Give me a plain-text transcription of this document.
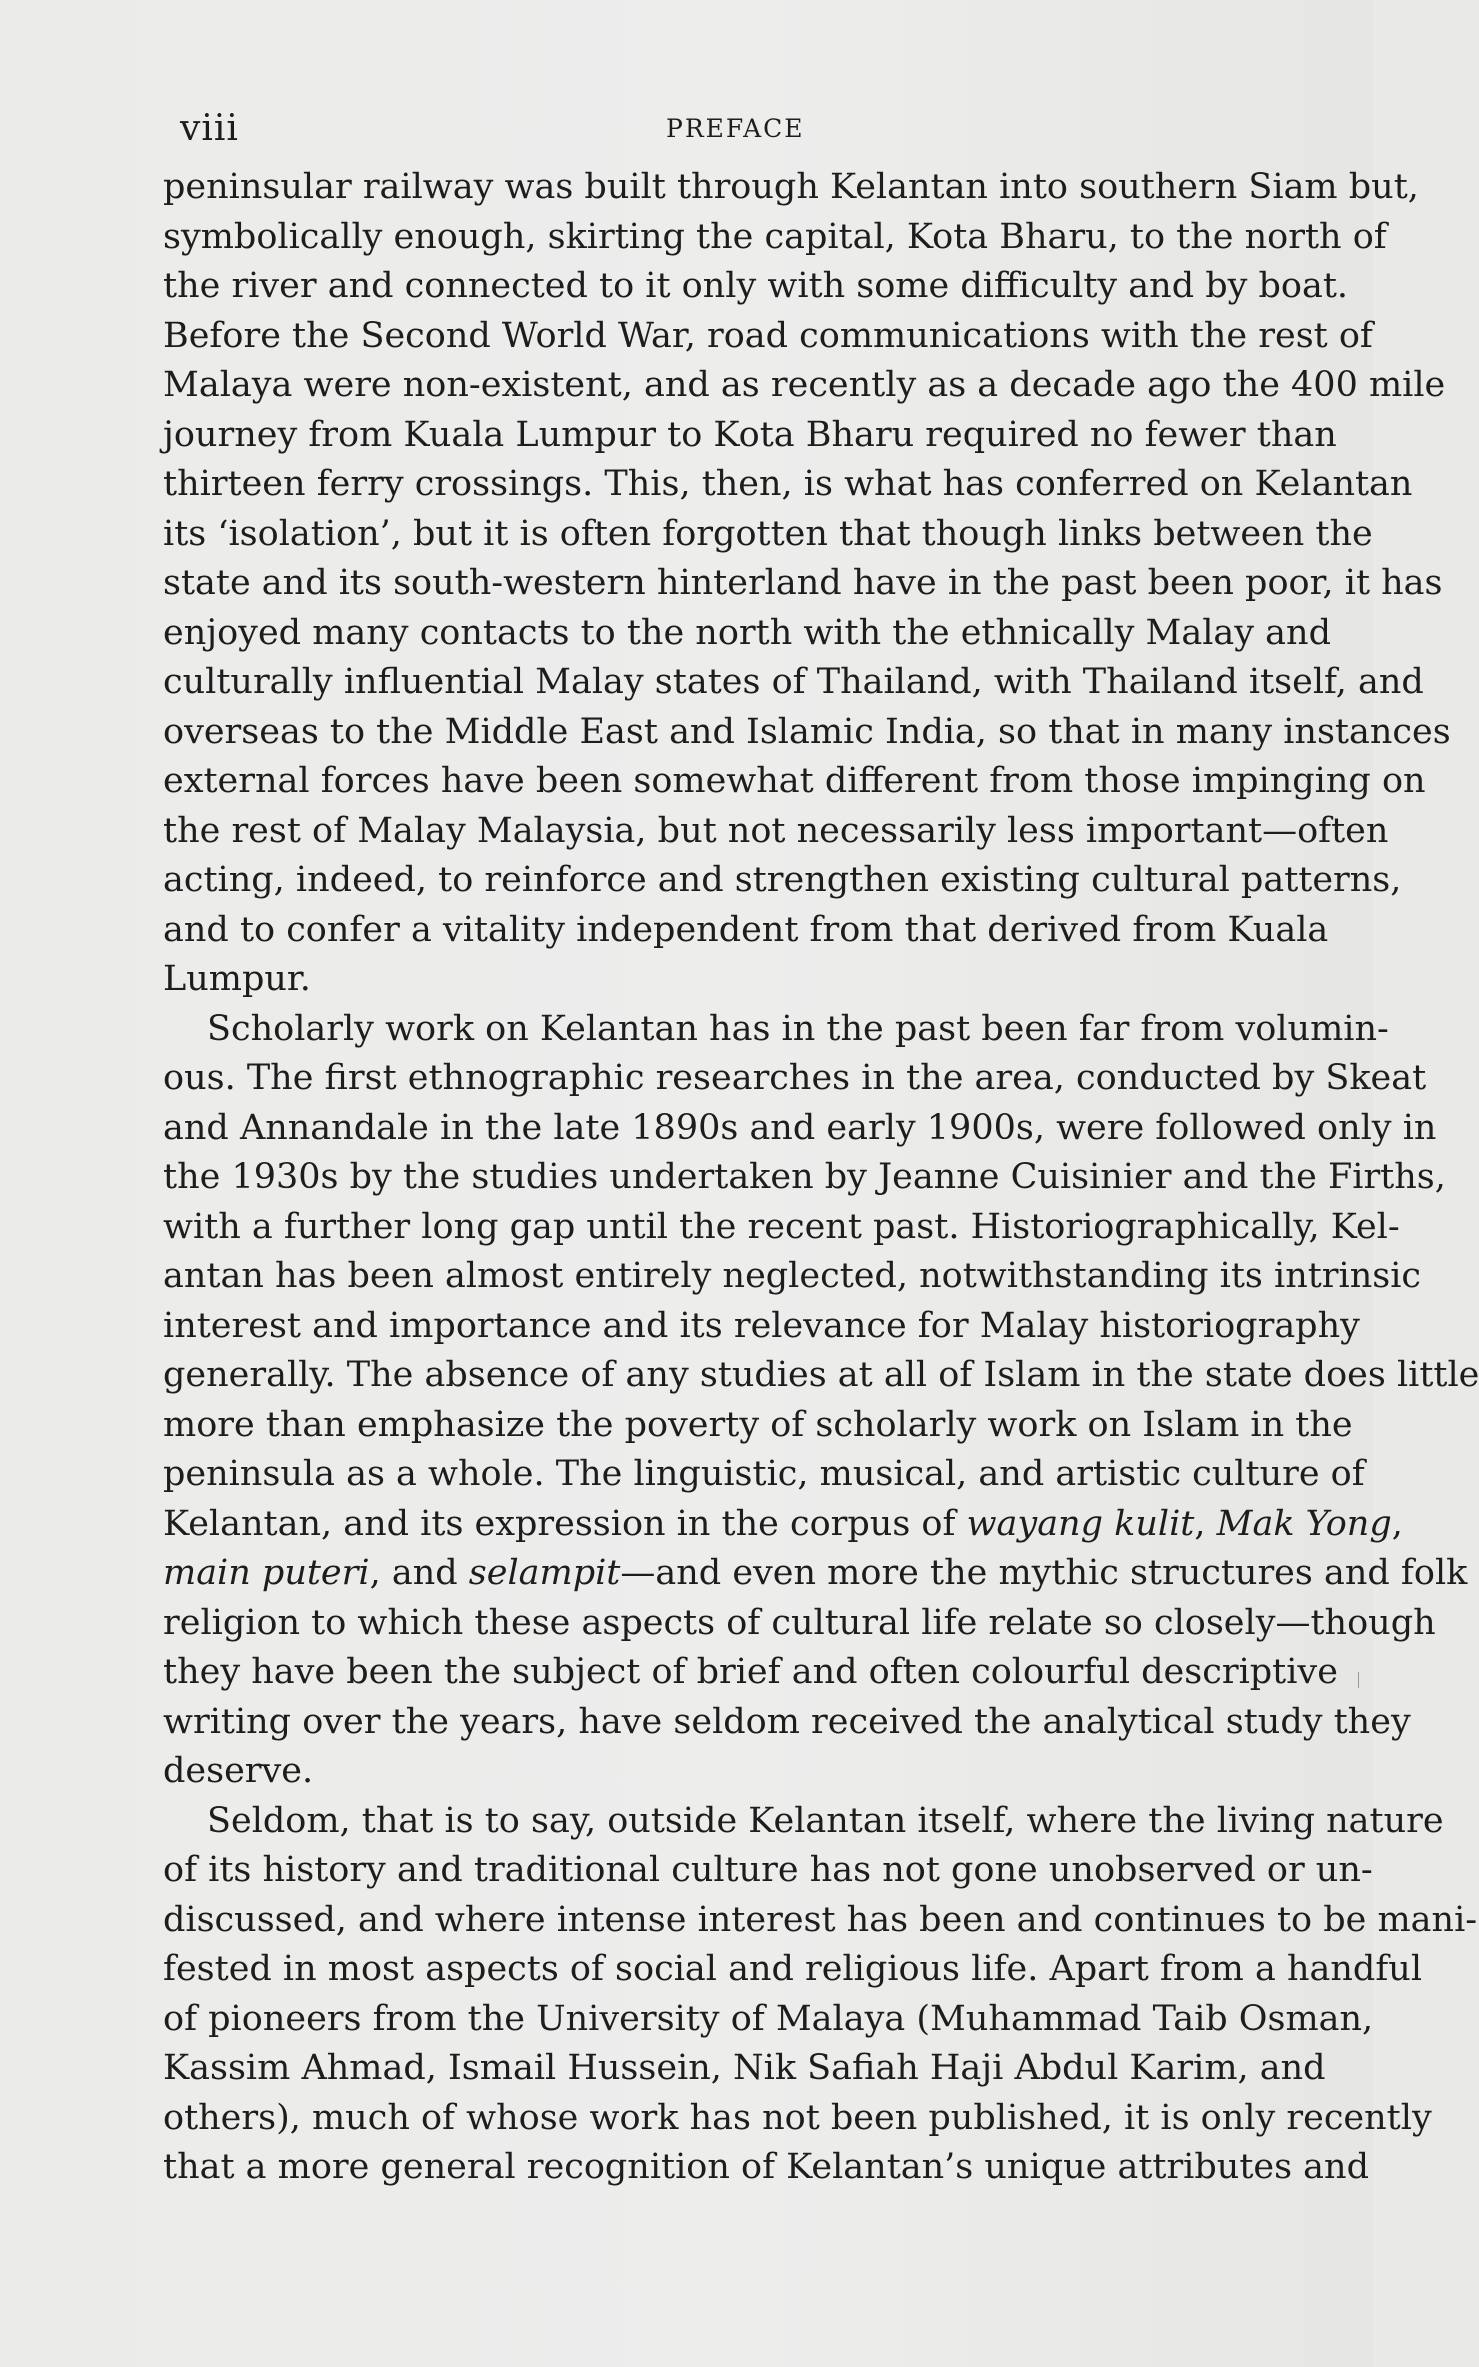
viii	PREFACE
peninsular railway was built through Kelantan into southern Siam but,
symbolically enough, skirting the capital, Kota Bharu, to the north of
the river and connected to it only with some difficulty and by boat.
Before the Second World War, road communications with the rest of
Malaya were non-existent, and as recently as a decade ago the 400 mile
journey from Kuala Lumpur to Kota Bharu required no fewer than
thirteen ferry crossings. This, then, is what has conferred on Kelantan
its ‘isolation’, but it is often forgotten that though links between the
state and its south-western hinterland have in the past been poor, it has
enjoyed many contacts to the north with the ethnically Malay and
culturally influential Malay states of Thailand, with Thailand itself, and
overseas to the Middle East and Islamic India, so that in many instances
external forces have been somewhat different from those impinging on
the rest of Malay Malaysia, but not necessarily less important—often
acting, indeed, to reinforce and strengthen existing cultural patterns,
and to confer a vitality independent from that derived from Kuala
Lumpur.
Scholarly work on Kelantan has in the past been far from volumin-
ous. The first ethnographic researches in the area, conducted by Skeat
and Annandale in the late 1890s and early 1900s, were followed only in
the 1930s by the studies undertaken by Jeanne Cuisinier and the Firths,
with a further long gap until the recent past. Historiographically, Kel-
antan has been almost entirely neglected, notwithstanding its intrinsic
interest and importance and its relevance for Malay historiography
generally. The absence of any studies at all of Islam in the state does little
more than emphasize the poverty of scholarly work on Islam in the
peninsula as a whole. The linguistic, musical, and artistic culture of
Kelantan, and its expression in the corpus of wayang kulit, Mak Yong,
main puteri, and selampit—and even more the mythic structures and folk
religion to which these aspects of cultural life relate so closely—though
they have been the subject of brief and often colourful descriptive
writing over the years, have seldom received the analytical study they
deserve.
Seldom, that is to say, outside Kelantan itself, where the living nature
of its history and traditional culture has not gone unobserved or un-
discussed, and where intense interest has been and continues to be mani-
fested in most aspects of social and religious life. Apart from a handful
of pioneers from the University of Malaya (Muhammad Taib Osman,
Kassim Ahmad, Ismail Hussein, Nik Safiah Haji Abdul Karim, and
others), much of whose work has not been published, it is only recently
that a more general recognition of Kelantan’s unique attributes and
